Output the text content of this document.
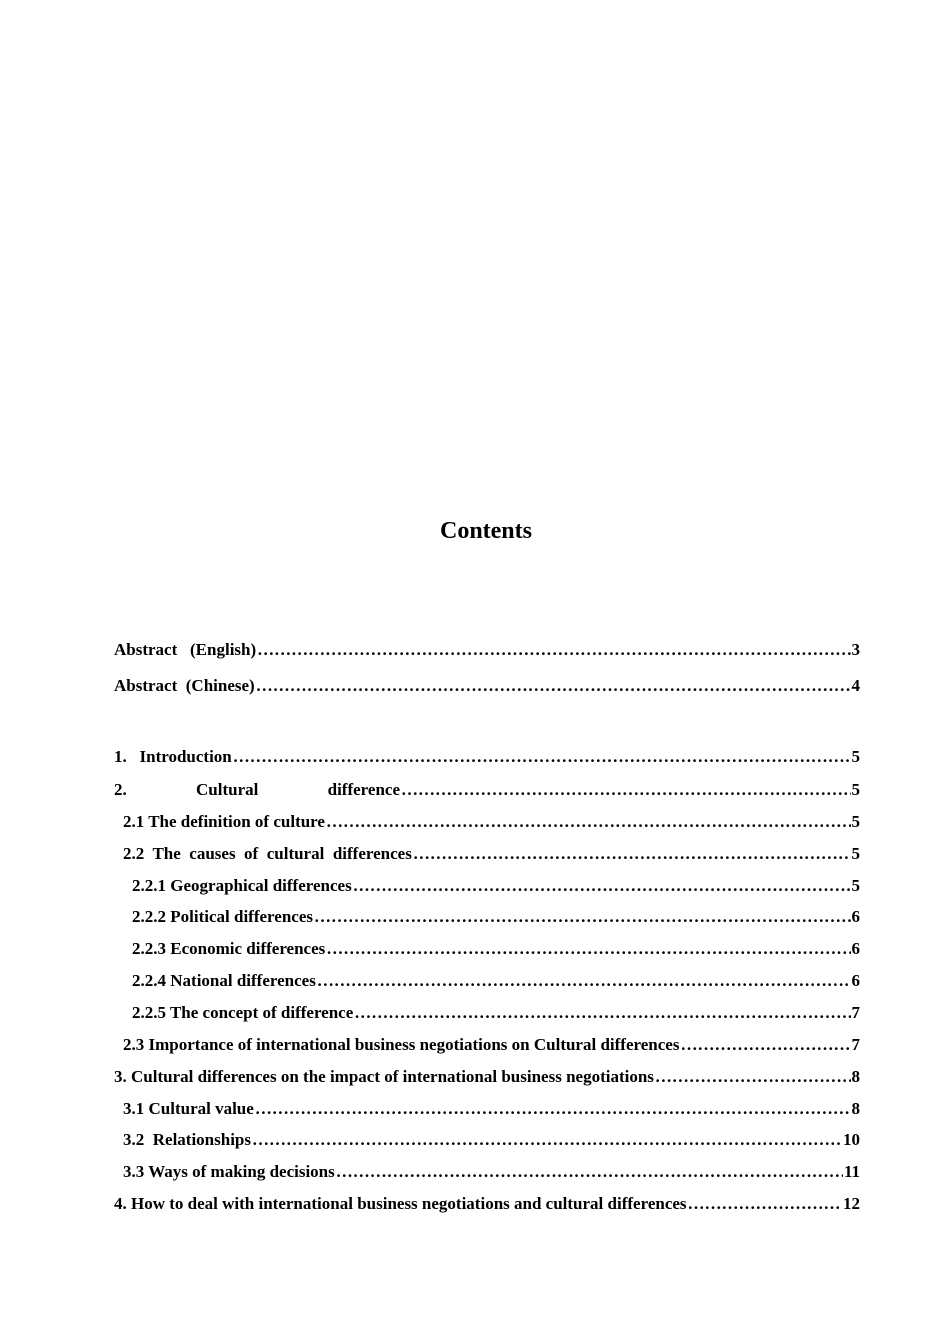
Contents
Abstract   (English) ……………………………………………………………………………………………………………………………………………………………………………………………………	3
Abstract  (Chinese) ……………………………………………………………………………………………………………………………………………………………………………………………………	4
1.   Introduction ……………………………………………………………………………………………………………………………………………………………………………………………………	5
2.	Cultural	difference ……………………………………………………………………………………………………………………………………………………………………………………………………	5
2.1 The definition of culture ……………………………………………………………………………………………………………………………………………………………………………………………………	5
2.2  The  causes  of  cultural  differences ……………………………………………………………………………………………………………………………………………………………………………………………………	5
2.2.1 Geographical differences ……………………………………………………………………………………………………………………………………………………………………………………………………	5
2.2.2 Political differences ……………………………………………………………………………………………………………………………………………………………………………………………………	6
2.2.3 Economic differences ……………………………………………………………………………………………………………………………………………………………………………………………………	6
2.2.4 National differences ……………………………………………………………………………………………………………………………………………………………………………………………………	6
2.2.5 The concept of difference ……………………………………………………………………………………………………………………………………………………………………………………………………	7
2.3 Importance of international business negotiations on Cultural differences ……………………………………………………………………………………………………………………………………………………………………………………………………	7
3. Cultural differences on the impact of international business negotiations ……………………………………………………………………………………………………………………………………………………………………………………………………	8
3.1 Cultural value ……………………………………………………………………………………………………………………………………………………………………………………………………	8
3.2  Relationships ……………………………………………………………………………………………………………………………………………………………………………………………………	10
3.3 Ways of making decisions ……………………………………………………………………………………………………………………………………………………………………………………………………	11
4. How to deal with international business negotiations and cultural differences ……………………………………………………………………………………………………………………………………………………………………………………………………	12
